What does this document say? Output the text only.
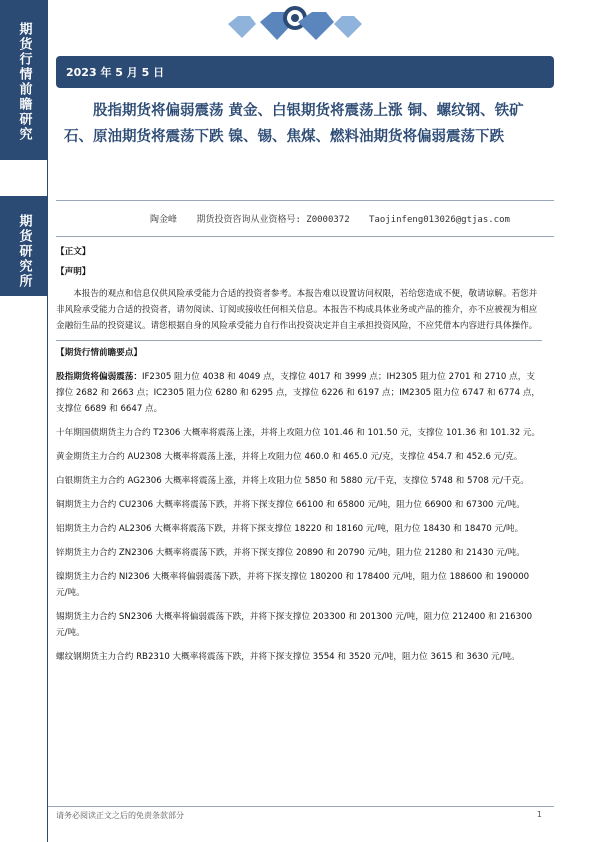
期货行情前瞻研究
期货研究所
2023 年 5 月 5 日
股指期货将偏弱震荡 黄金、白银期货将震荡上涨 铜、螺纹钢、铁矿石、原油期货将震荡下跌 镍、锡、焦煤、燃料油期货将偏弱震荡下跌
陶金峰 期货投资咨询从业资格号: Z0000372 Taojinfeng013026@gtjas.com

【正文】

【声明】

本报告的观点和信息仅供风险承受能力合适的投资者参考。本报告难以设置访问权限，若给您造成不便，敬请谅解。若您并非风险承受能力合适的投资者，请勿阅读、订阅或接收任何相关信息。本报告不构成具体业务或产品的推介，亦不应被视为相应金融衍生品的投资建议。请您根据自身的风险承受能力自行作出投资决定并自主承担投资风险，不应凭借本内容进行具体操作。

【期货行情前瞻要点】

股指期货将偏弱震荡：IF2305 阻力位 4038 和 4049 点，支撑位 4017 和 3999 点；IH2305 阻力位 2701 和 2710 点，支撑位 2682 和 2663 点；IC2305 阻力位 6280 和 6295 点，支撑位 6226 和 6197 点；IM2305 阻力位 6747 和 6774 点，支撑位 6689 和 6647 点。

十年期国债期货主力合约 T2306 大概率将震荡上涨，并将上攻阻力位 101.46 和 101.50 元，支撑位 101.36 和 101.32 元。

黄金期货主力合约 AU2308 大概率将震荡上涨，并将上攻阻力位 460.0 和 465.0 元/克，支撑位 454.7 和 452.6 元/克。

白银期货主力合约 AG2306 大概率将震荡上涨，并将上攻阻力位 5850 和 5880 元/千克，支撑位 5748 和 5708 元/千克。

铜期货主力合约 CU2306 大概率将震荡下跌，并将下探支撑位 66100 和 65800 元/吨，阻力位 66900 和 67300 元/吨。

铝期货主力合约 AL2306 大概率将震荡下跌，并将下探支撑位 18220 和 18160 元/吨，阻力位 18430 和 18470 元/吨。

锌期货主力合约 ZN2306 大概率将震荡下跌，并将下探支撑位 20890 和 20790 元/吨，阻力位 21280 和 21430 元/吨。

镍期货主力合约 NI2306 大概率将偏弱震荡下跌，并将下探支撑位 180200 和 178400 元/吨，阻力位 188600 和 190000 元/吨。

锡期货主力合约 SN2306 大概率将偏弱震荡下跌，并将下探支撑位 203300 和 201300 元/吨，阻力位 212400 和 216300 元/吨。

螺纹钢期货主力合约 RB2310 大概率将震荡下跌，并将下探支撑位 3554 和 3520 元/吨，阻力位 3615 和 3630 元/吨。

请务必阅读正文之后的免责条款部分	1
